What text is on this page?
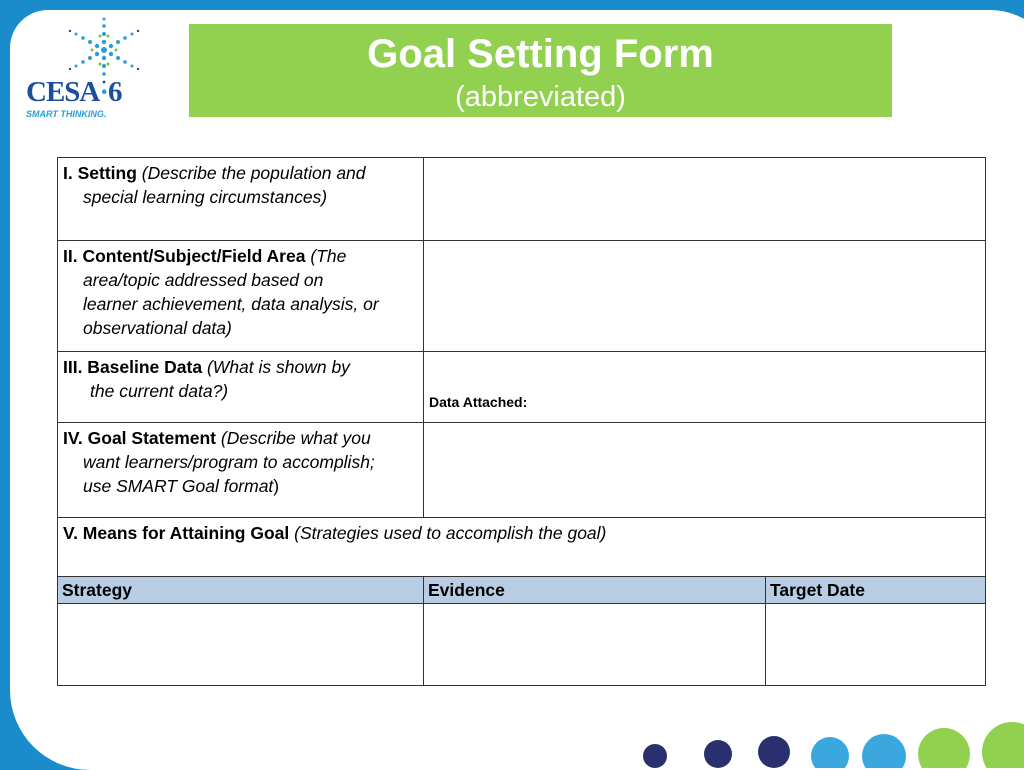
CESA·6
SMART THINKING.
Goal Setting Form
(abbreviated)
I. Setting (Describe the population and
special learning circumstances)		
II. Content/Subject/Field Area (The
area/topic addressed based on
learner achievement, data analysis, or
observational data)		
III. Baseline Data (What is shown by
the current data?)	Data Attached:	

IV. Goal Statement (Describe what you
want learners/program to accomplish;
use SMART Goal format)		
V. Means for Attaining Goal (Strategies used to accomplish the goal)		
Strategy	Evidence	Target Date
